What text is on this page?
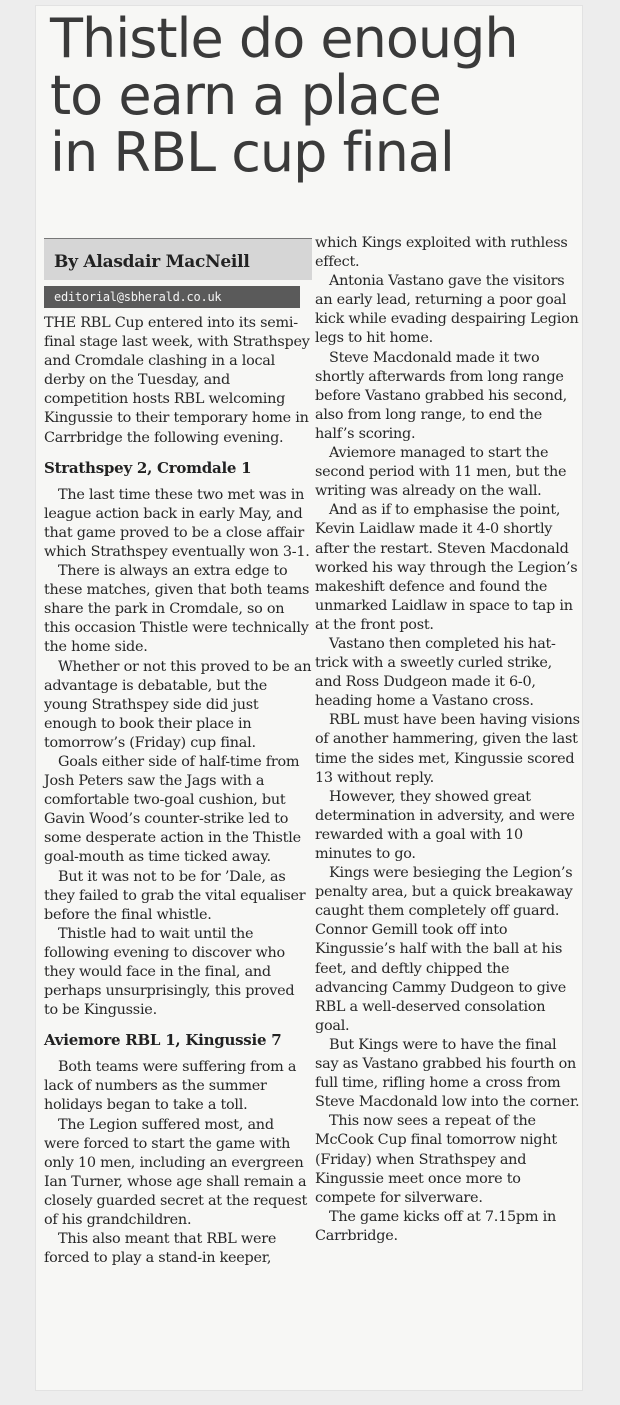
Thistle do enough
to earn a place
in RBL cup final
By Alasdair MacNeill
editorial@sbherald.co.uk

THE RBL Cup entered into its semi-final stage last week, with Strathspey and Cromdale clashing in a local derby on the Tuesday, and competition hosts RBL welcoming Kingussie to their temporary home in Carrbridge the following evening.

Strathspey 2, Cromdale 1

The last time these two met was in league action back in early May, and that game proved to be a close affair which Strathspey eventually won 3-1.

There is always an extra edge to these matches, given that both teams share the park in Cromdale, so on this occasion Thistle were technically the home side.

Whether or not this proved to be an advantage is debatable, but the young Strathspey side did just enough to book their place in tomorrow’s (Friday) cup final.

Goals either side of half-time from Josh Peters saw the Jags with a comfortable two-goal cushion, but Gavin Wood’s counter-strike led to some desperate action in the Thistle goal-mouth as time ticked away.

But it was not to be for ’Dale, as they failed to grab the vital equaliser before the final whistle.

Thistle had to wait until the following evening to discover who they would face in the final, and perhaps unsurprisingly, this proved to be Kingussie.

Aviemore RBL 1, Kingussie 7

Both teams were suffering from a lack of numbers as the summer holidays began to take a toll.

The Legion suffered most, and were forced to start the game with only 10 men, including an evergreen Ian Turner, whose age shall remain a closely guarded secret at the request of his grandchildren.

This also meant that RBL were forced to play a stand-in keeper,

which Kings exploited with ruthless effect.

Antonia Vastano gave the visitors an early lead, returning a poor goal kick while evading despairing Legion legs to hit home.

Steve Macdonald made it two shortly afterwards from long range before Vastano grabbed his second, also from long range, to end the half’s scoring.

Aviemore managed to start the second period with 11 men, but the writing was already on the wall.

And as if to emphasise the point, Kevin Laidlaw made it 4-0 shortly after the restart. Steven Macdonald worked his way through the Legion’s makeshift defence and found the unmarked Laidlaw in space to tap in at the front post.

Vastano then completed his hat-trick with a sweetly curled strike, and Ross Dudgeon made it 6-0, heading home a Vastano cross.

RBL must have been having visions of another hammering, given the last time the sides met, Kingussie scored 13 without reply.

However, they showed great determination in adversity, and were rewarded with a goal with 10 minutes to go.

Kings were besieging the Legion’s penalty area, but a quick breakaway caught them completely off guard. Connor Gemill took off into Kingussie’s half with the ball at his feet, and deftly chipped the advancing Cammy Dudgeon to give RBL a well-deserved consolation goal.

But Kings were to have the final say as Vastano grabbed his fourth on full time, rifling home a cross from Steve Macdonald low into the corner.

This now sees a repeat of the McCook Cup final tomorrow night (Friday) when Strathspey and Kingussie meet once more to compete for silverware.

The game kicks off at 7.15pm in Carrbridge.
